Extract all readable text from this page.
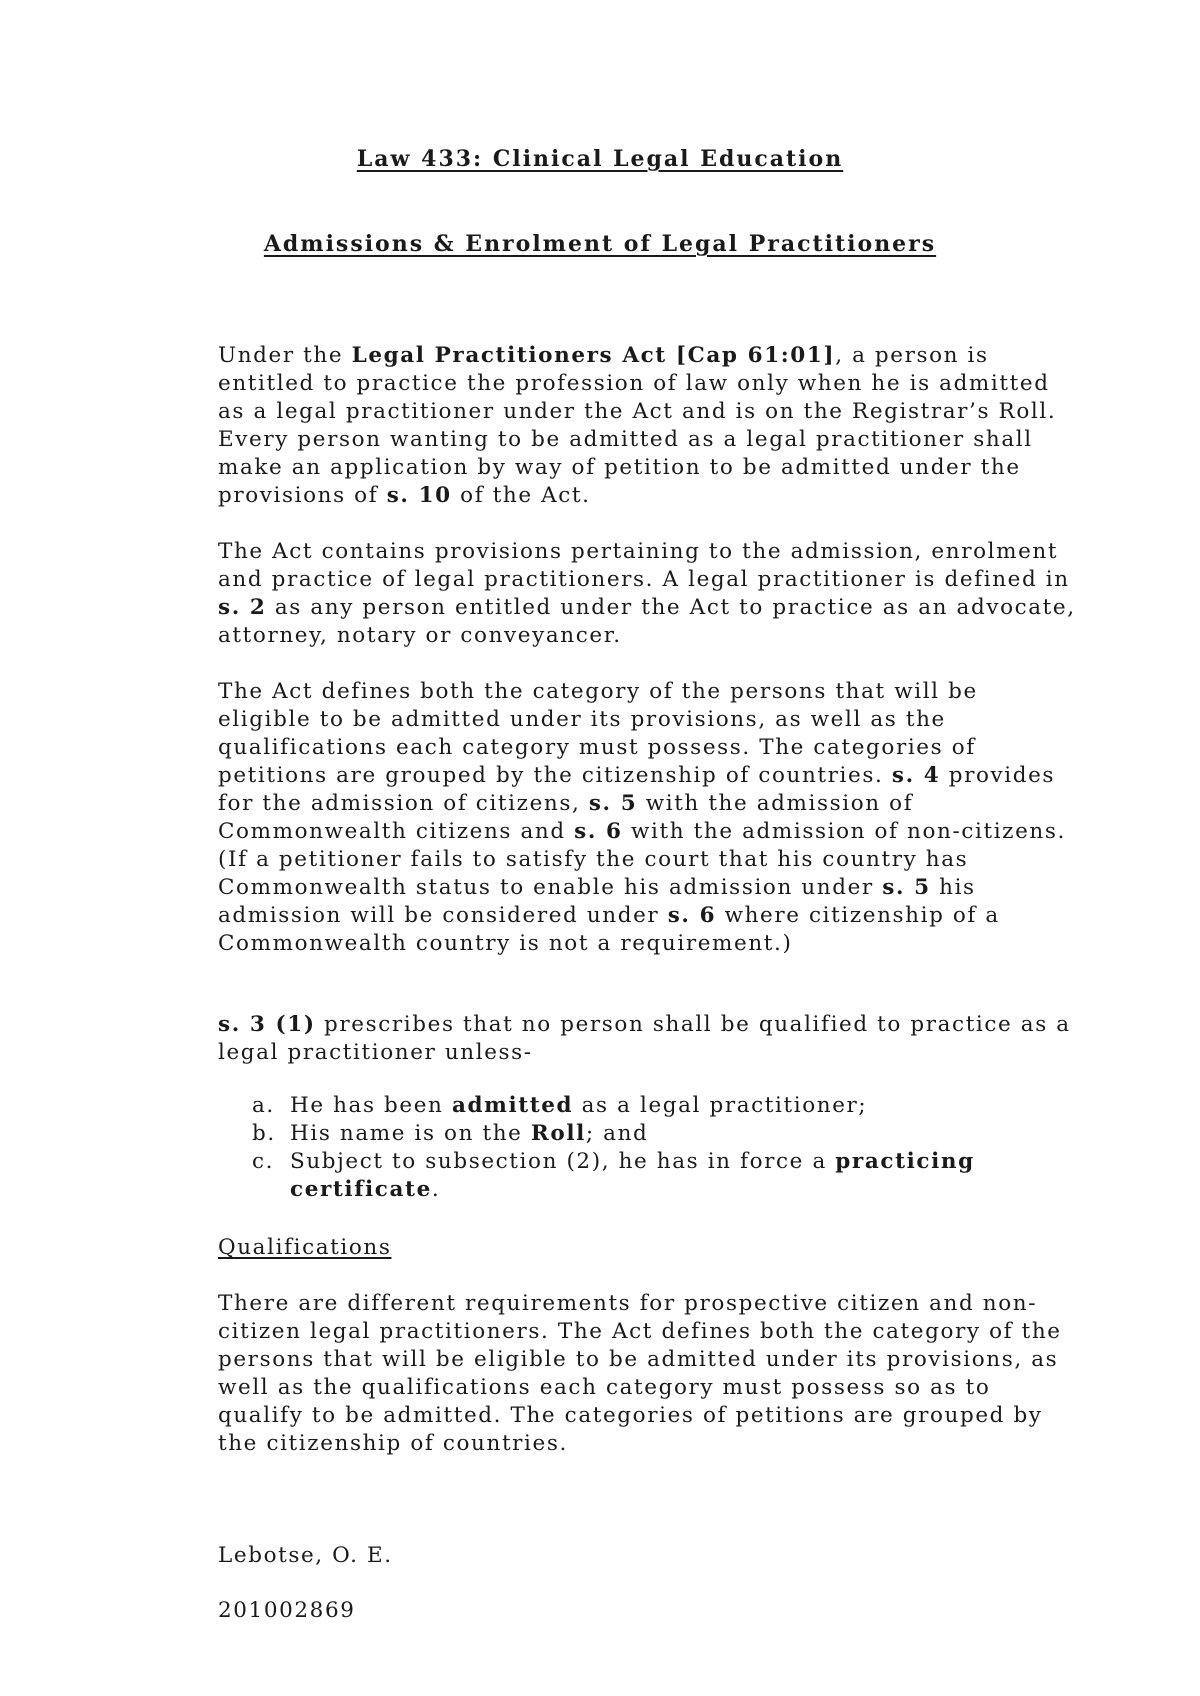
Law 433: Clinical Legal Education
Admissions & Enrolment of Legal Practitioners

Under the Legal Practitioners Act [Cap 61:01], a person is entitled to practice the profession of law only when he is admitted as a legal practitioner under the Act and is on the Registrar’s Roll. Every person wanting to be admitted as a legal practitioner shall make an application by way of petition to be admitted under the provisions of s. 10 of the Act.

The Act contains provisions pertaining to the admission, enrolment and practice of legal practitioners. A legal practitioner is defined in s. 2 as any person entitled under the Act to practice as an advocate, attorney, notary or conveyancer.

The Act defines both the category of the persons that will be eligible to be admitted under its provisions, as well as the qualifications each category must possess. The categories of petitions are grouped by the citizenship of countries. s. 4 provides for the admission of citizens, s. 5 with the admission of Commonwealth citizens and s. 6 with the admission of non-citizens. (If a petitioner fails to satisfy the court that his country has Commonwealth status to enable his admission under s. 5 his admission will be considered under s. 6 where citizenship of a Commonwealth country is not a requirement.)

s. 3 (1) prescribes that no person shall be qualified to practice as a legal practitioner unless-

a. He has been admitted as a legal practitioner;
b. His name is on the Roll; and
c. Subject to subsection (2), he has in force a practicing certificate.
Qualifications

There are different requirements for prospective citizen and non-citizen legal practitioners. The Act defines both the category of the persons that will be eligible to be admitted under its provisions, as well as the qualifications each category must possess so as to qualify to be admitted. The categories of petitions are grouped by the citizenship of countries.

Lebotse, O. E.

201002869
